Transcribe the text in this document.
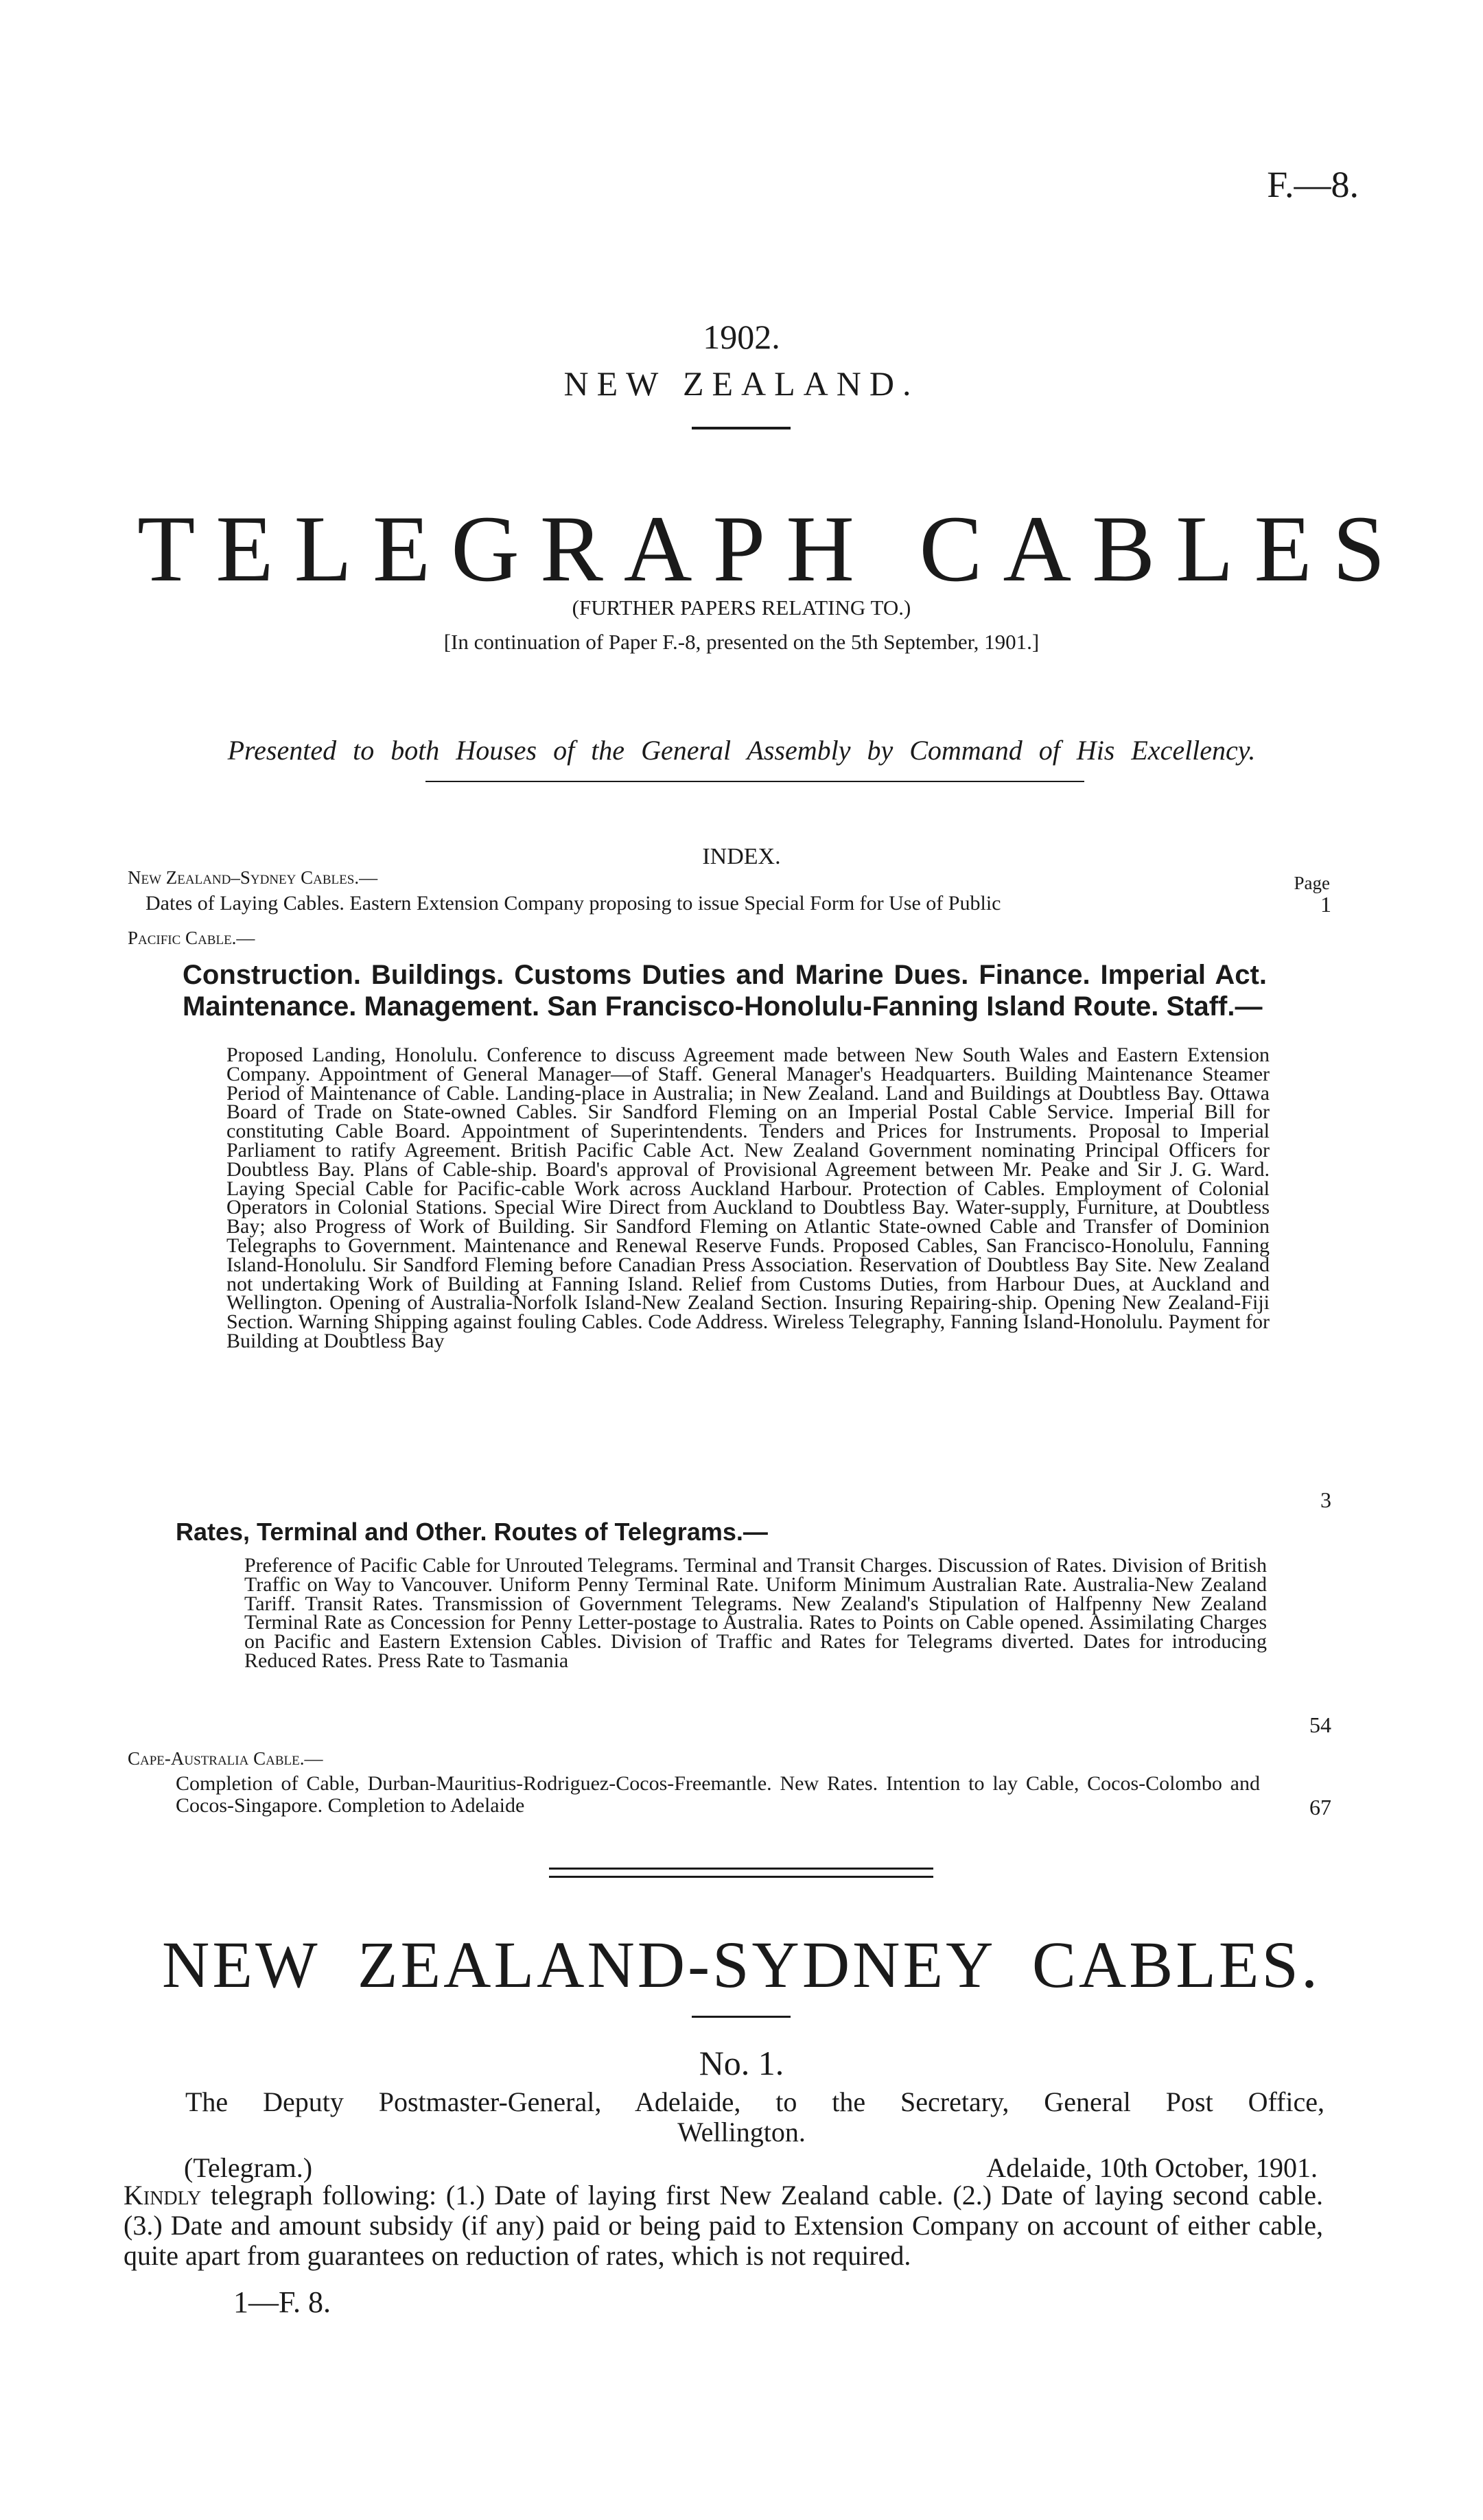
F.—8.
1902.
NEW ZEALAND.
TELEGRAPH CABLES
(FURTHER PAPERS RELATING TO.)
[In continuation of Paper F.-8, presented on the 5th September, 1901.]
Presented to both Houses of the General Assembly by Command of His Excellency.
INDEX.
New Zealand–Sydney Cables.—	Page
Dates of Laying Cables. Eastern Extension Company proposing to issue Special Form for Use of Public	1
Pacific Cable.—
Construction. Buildings. Customs Duties and Marine Dues. Finance. Imperial Act. Maintenance. Management. San Francisco-Honolulu-Fanning Island Route. Staff.—
Proposed Landing, Honolulu. Conference to discuss Agreement made between New South Wales and Eastern Extension Company. Appointment of General Manager—of Staff. General Manager's Headquarters. Building Maintenance Steamer Period of Maintenance of Cable. Landing-place in Australia; in New Zealand. Land and Buildings at Doubtless Bay. Ottawa Board of Trade on State-owned Cables. Sir Sandford Fleming on an Imperial Postal Cable Service. Imperial Bill for constituting Cable Board. Appointment of Superintendents. Tenders and Prices for Instruments. Proposal to Imperial Parliament to ratify Agreement. British Pacific Cable Act. New Zealand Government nominating Principal Officers for Doubtless Bay. Plans of Cable-ship. Board's approval of Provisional Agreement between Mr. Peake and Sir J. G. Ward. Laying Special Cable for Pacific-cable Work across Auckland Harbour. Protection of Cables. Employment of Colonial Operators in Colonial Stations. Special Wire Direct from Auckland to Doubtless Bay. Water-supply, Furniture, at Doubtless Bay; also Progress of Work of Building. Sir Sandford Fleming on Atlantic State-owned Cable and Transfer of Dominion Telegraphs to Government. Maintenance and Renewal Reserve Funds. Proposed Cables, San Francisco-Honolulu, Fanning Island-Honolulu. Sir Sandford Fleming before Canadian Press Association. Reservation of Doubtless Bay Site. New Zealand not undertaking Work of Building at Fanning Island. Relief from Customs Duties, from Harbour Dues, at Auckland and Wellington. Opening of Australia-Norfolk Island-New Zealand Section. Insuring Repairing-ship. Opening New Zealand-Fiji Section. Warning Shipping against fouling Cables. Code Address. Wireless Telegraphy, Fanning Island-Honolulu. Payment for Building at Doubtless Bay
3
Rates, Terminal and Other. Routes of Telegrams.—
Preference of Pacific Cable for Unrouted Telegrams. Terminal and Transit Charges. Discussion of Rates. Division of British Traffic on Way to Vancouver. Uniform Penny Terminal Rate. Uniform Minimum Australian Rate. Australia-New Zealand Tariff. Transit Rates. Transmission of Government Telegrams. New Zealand's Stipulation of Halfpenny New Zealand Terminal Rate as Concession for Penny Letter-postage to Australia. Rates to Points on Cable opened. Assimilating Charges on Pacific and Eastern Extension Cables. Division of Traffic and Rates for Telegrams diverted. Dates for introducing Reduced Rates. Press Rate to Tasmania
54
Cape-Australia Cable.—
Completion of Cable, Durban-Mauritius-Rodriguez-Cocos-Freemantle. New Rates. Intention to lay Cable, Cocos-Colombo and Cocos-Singapore. Completion to Adelaide	67
NEW ZEALAND-SYDNEY CABLES.
No. 1.
The Deputy Postmaster-General, Adelaide, to the Secretary, General Post Office,
Wellington.
(Telegram.)	Adelaide, 10th October, 1901.
Kindly telegraph following: (1.) Date of laying first New Zealand cable. (2.) Date of laying second cable. (3.) Date and amount subsidy (if any) paid or being paid to Extension Company on account of either cable, quite apart from guarantees on reduction of rates, which is not required.
1—F. 8.
